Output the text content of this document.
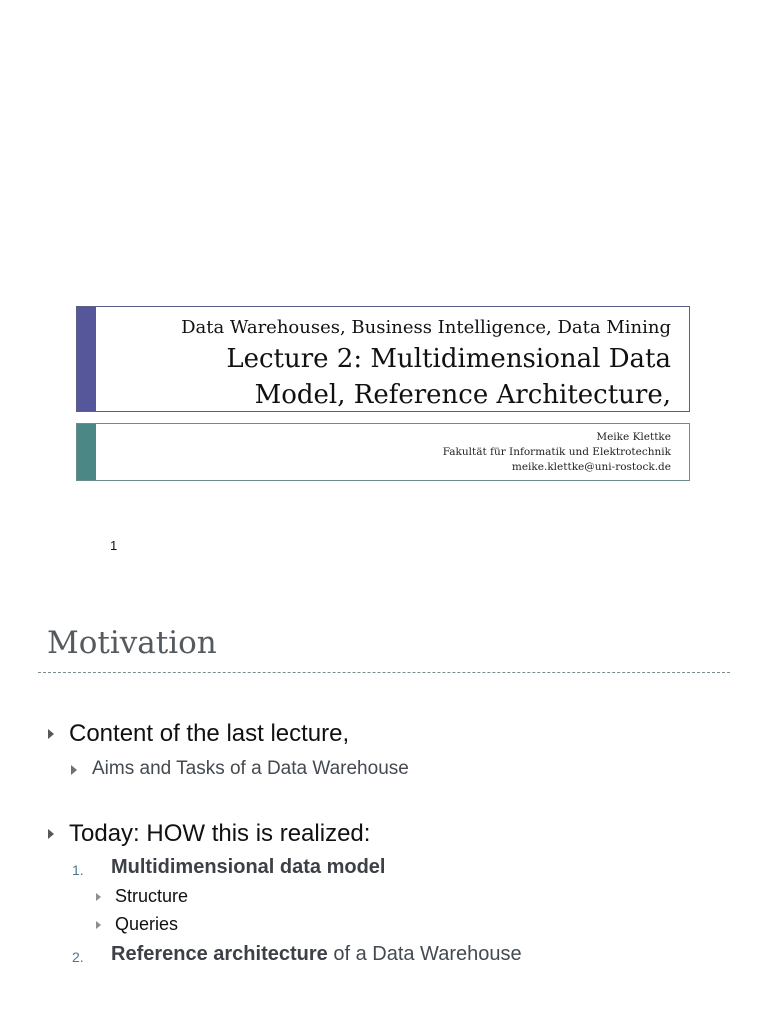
Data Warehouses, Business Intelligence, Data Mining
Lecture 2: Multidimensional Data
Model, Reference Architecture,
Meike Klettke
Fakultät für Informatik und Elektrotechnik
meike.klettke@uni-rostock.de
1
Motivation
Content of the last lecture,
Aims and Tasks of a Data Warehouse
Today: HOW this is realized:
1. Multidimensional data model
Structure
Queries
2. Reference architecture of a Data Warehouse
